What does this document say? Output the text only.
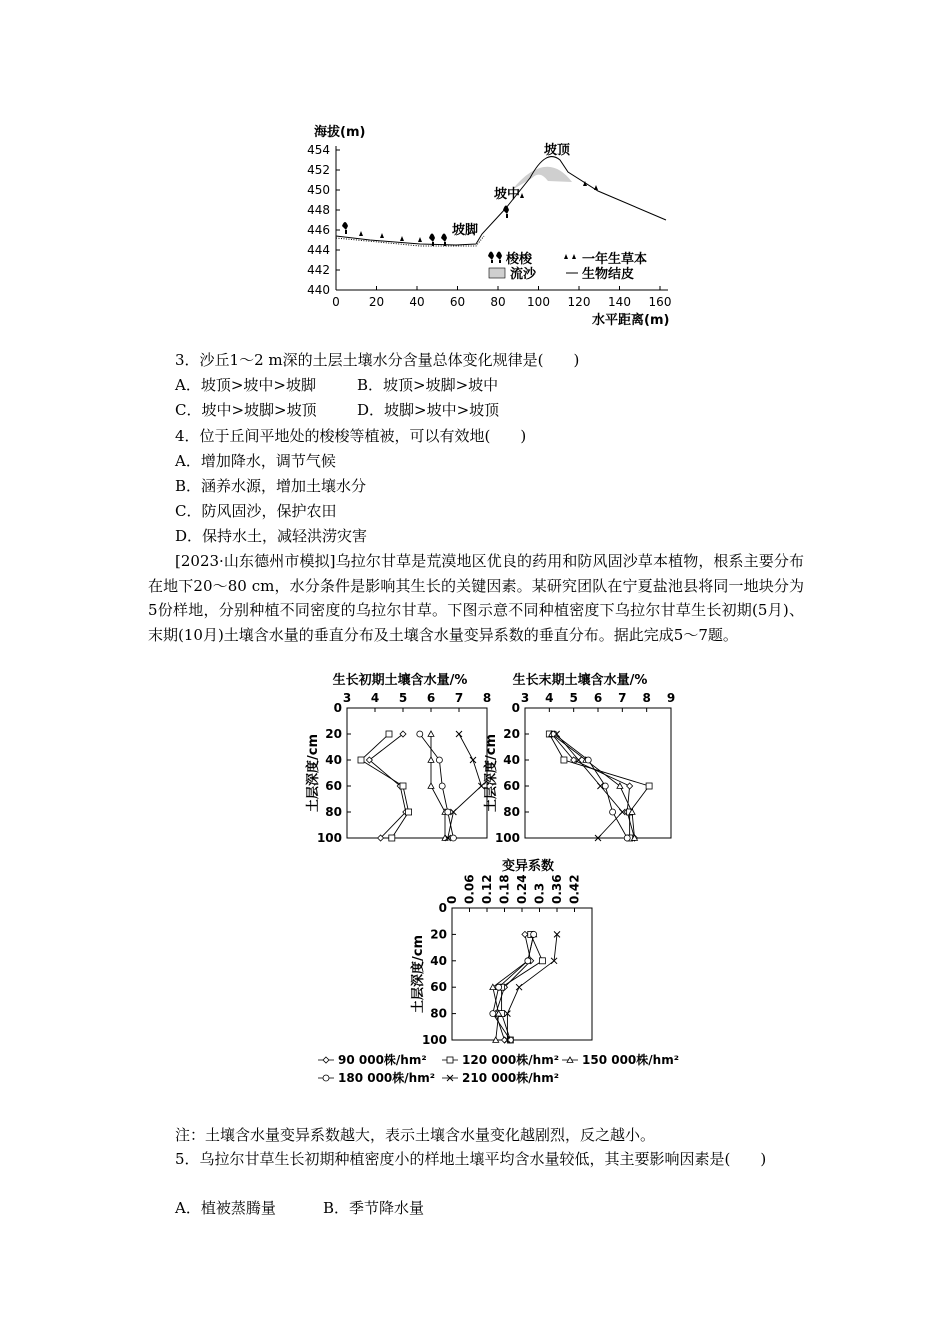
海拔(m)
454
452
450
448
446
444
442
440
0 20 40 60 80 100 120 140 160
水平距离(m)
坡顶
坡中
坡脚
梭梭	一年生草本
流沙	生物结皮
3．沙丘1～2 m深的土层土壤水分含量总体变化规律是(　　)
A．坡顶>坡中>坡脚	B．坡顶>坡脚>坡中
C．坡中>坡脚>坡顶	D．坡脚>坡中>坡顶
4．位于丘间平地处的梭梭等植被，可以有效地(　　)
A．增加降水，调节气候
B．涵养水源，增加土壤水分
C．防风固沙，保护农田
D．保持水土，减轻洪涝灾害
[2023·山东德州市模拟]乌拉尔甘草是荒漠地区优良的药用和防风固沙草本植物，根系主要分布在地下20～80 cm，水分条件是影响其生长的关键因素。某研究团队在宁夏盐池县将同一地块分为5份样地，分别种植不同密度的乌拉尔甘草。下图示意不同种植密度下乌拉尔甘草生长初期(5月)、末期(10月)土壤含水量的垂直分布及土壤含水量变异系数的垂直分布。据此完成5～7题。
生长初期土壤含水量/%
3 4 5 6 7 8
0
20
40
60
80
100
土层深度/cm
生长末期土壤含水量/%
3 4 5 6 7 8 9
0
20
40
60
80
100
土层深度/cm
变异系数
0 0.06 0.12 0.18 0.24 0.3 0.36 0.42
0
20
40
60
80
100
土层深度/cm
90 000株/hm²	120 000株/hm² 150 000株/hm²
180 000株/hm² 210 000株/hm²
注：土壤含水量变异系数越大，表示土壤含水量变化越剧烈，反之越小。
5．乌拉尔甘草生长初期种植密度小的样地土壤平均含水量较低，其主要影响因素是(　　)
A．植被蒸腾量	B．季节降水量
